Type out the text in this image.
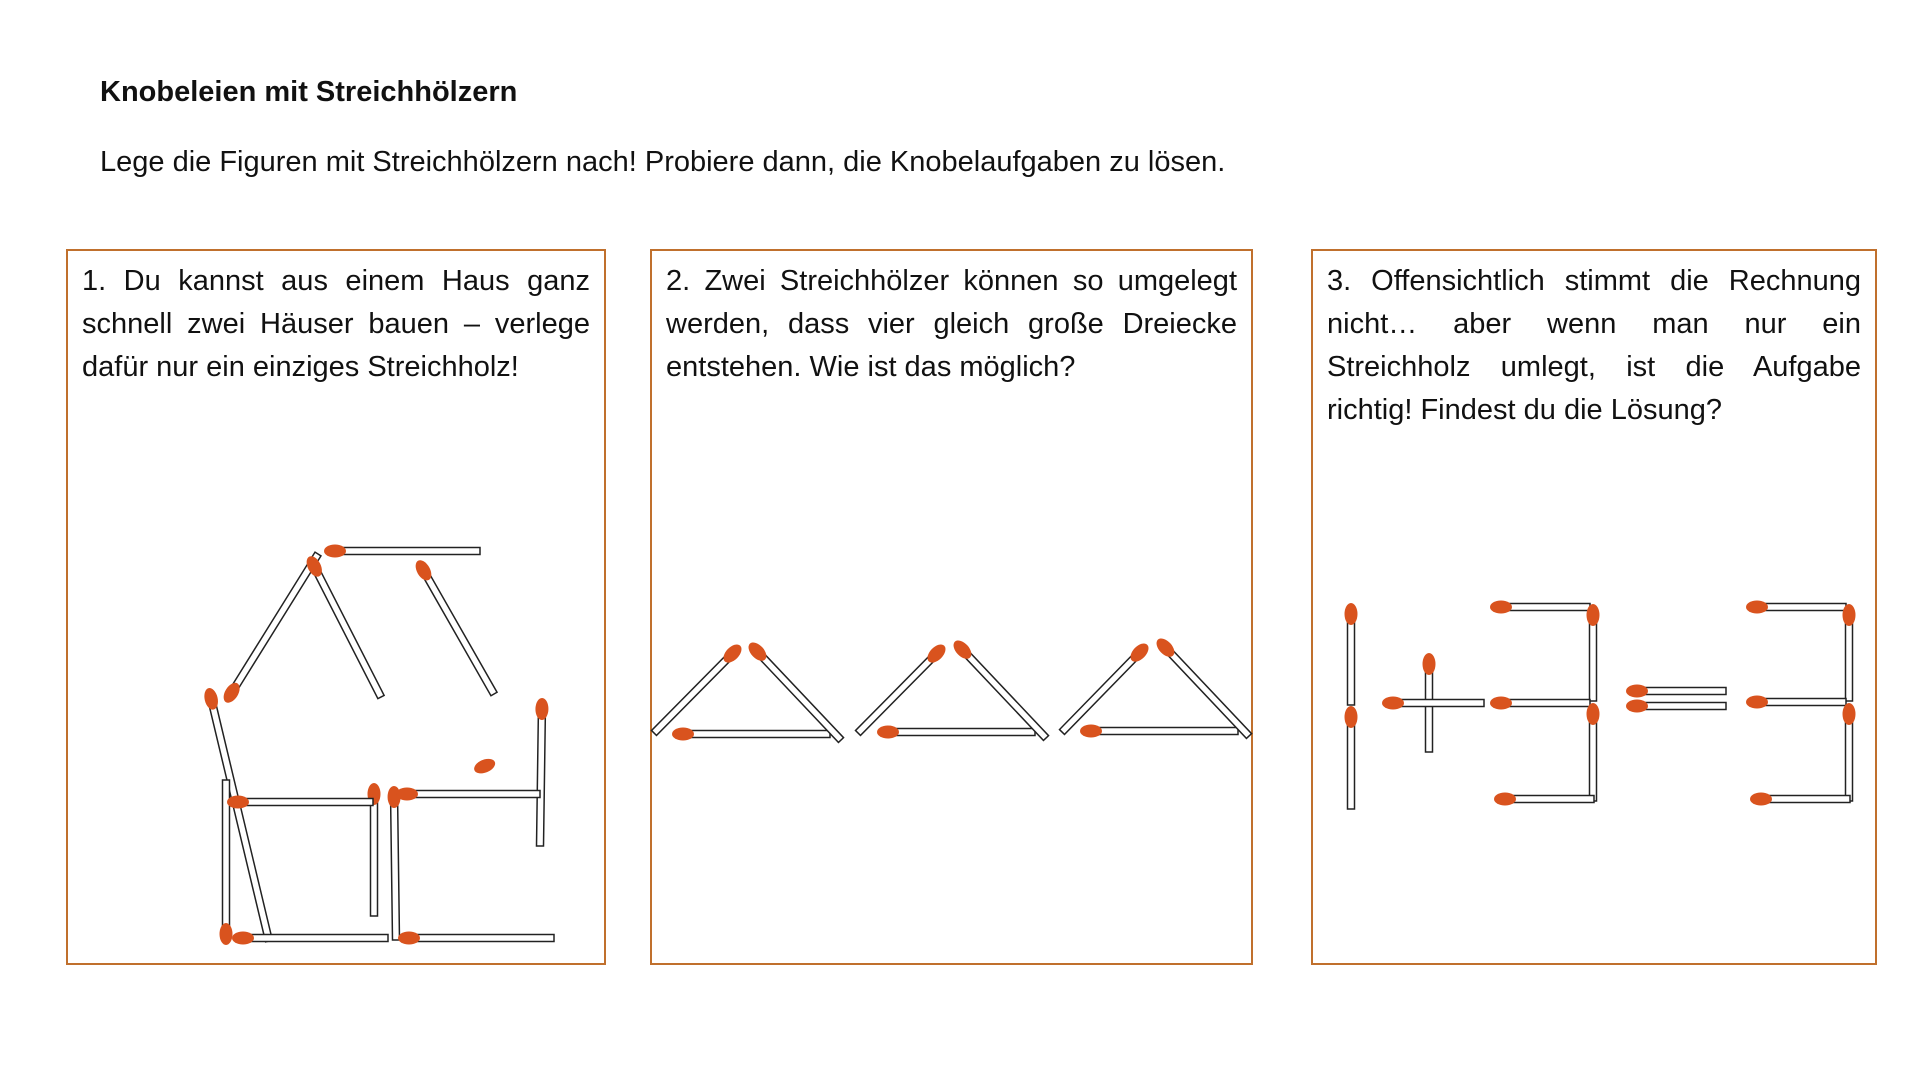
Knobeleien mit Streichhölzern

Lege die Figuren mit Streichhölzern nach! Probiere dann, die Knobelaufgaben zu lösen.

1. Du kannst aus einem Haus ganz schnell zwei Häuser bauen – verlege dafür nur ein einziges Streichholz!

2. Zwei Streichhölzer können so umgelegt werden, dass vier gleich große Dreiecke entstehen. Wie ist das möglich?

3. Offensichtlich stimmt die Rechnung nicht… aber wenn man nur ein Streichholz umlegt, ist die Aufgabe richtig! Findest du die Lösung?
